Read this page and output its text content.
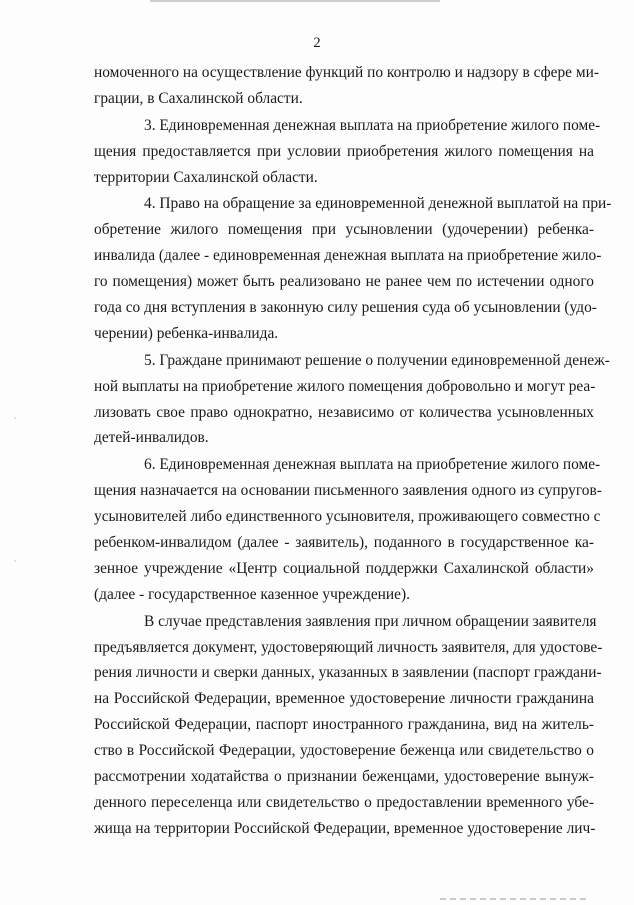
2
номоченного на осуществление функций по контролю и надзору в сфере ми-
грации, в Сахалинской области.
3. Единовременная денежная выплата на приобретение жилого поме-
щения предоставляется при условии приобретения жилого помещения на
территории Сахалинской области.
4. Право на обращение за единовременной денежной выплатой на при-
обретение жилого помещения при усыновлении (удочерении) ребенка-
инвалида (далее - единовременная денежная выплата на приобретение жило-
го помещения) может быть реализовано не ранее чем по истечении одного
года со дня вступления в законную силу решения суда об усыновлении (удо-
черении) ребенка-инвалида.
5. Граждане принимают решение о получении единовременной денеж-
ной выплаты на приобретение жилого помещения добровольно и могут реа-
лизовать свое право однократно, независимо от количества усыновленных
детей-инвалидов.
6. Единовременная денежная выплата на приобретение жилого поме-
щения назначается на основании письменного заявления одного из супругов-
усыновителей либо единственного усыновителя, проживающего совместно с
ребенком-инвалидом (далее - заявитель), поданного в государственное ка-
зенное учреждение «Центр социальной поддержки Сахалинской области»
(далее - государственное казенное учреждение).
В случае представления заявления при личном обращении заявителя
предъявляется документ, удостоверяющий личность заявителя, для удостове-
рения личности и сверки данных, указанных в заявлении (паспорт граждани-
на Российской Федерации, временное удостоверение личности гражданина
Российской Федерации, паспорт иностранного гражданина, вид на житель-
ство в Российской Федерации, удостоверение беженца или свидетельство о
рассмотрении ходатайства о признании беженцами, удостоверение вынуж-
денного переселенца или свидетельство о предоставлении временного убе-
жища на территории Российской Федерации, временное удостоверение лич-
